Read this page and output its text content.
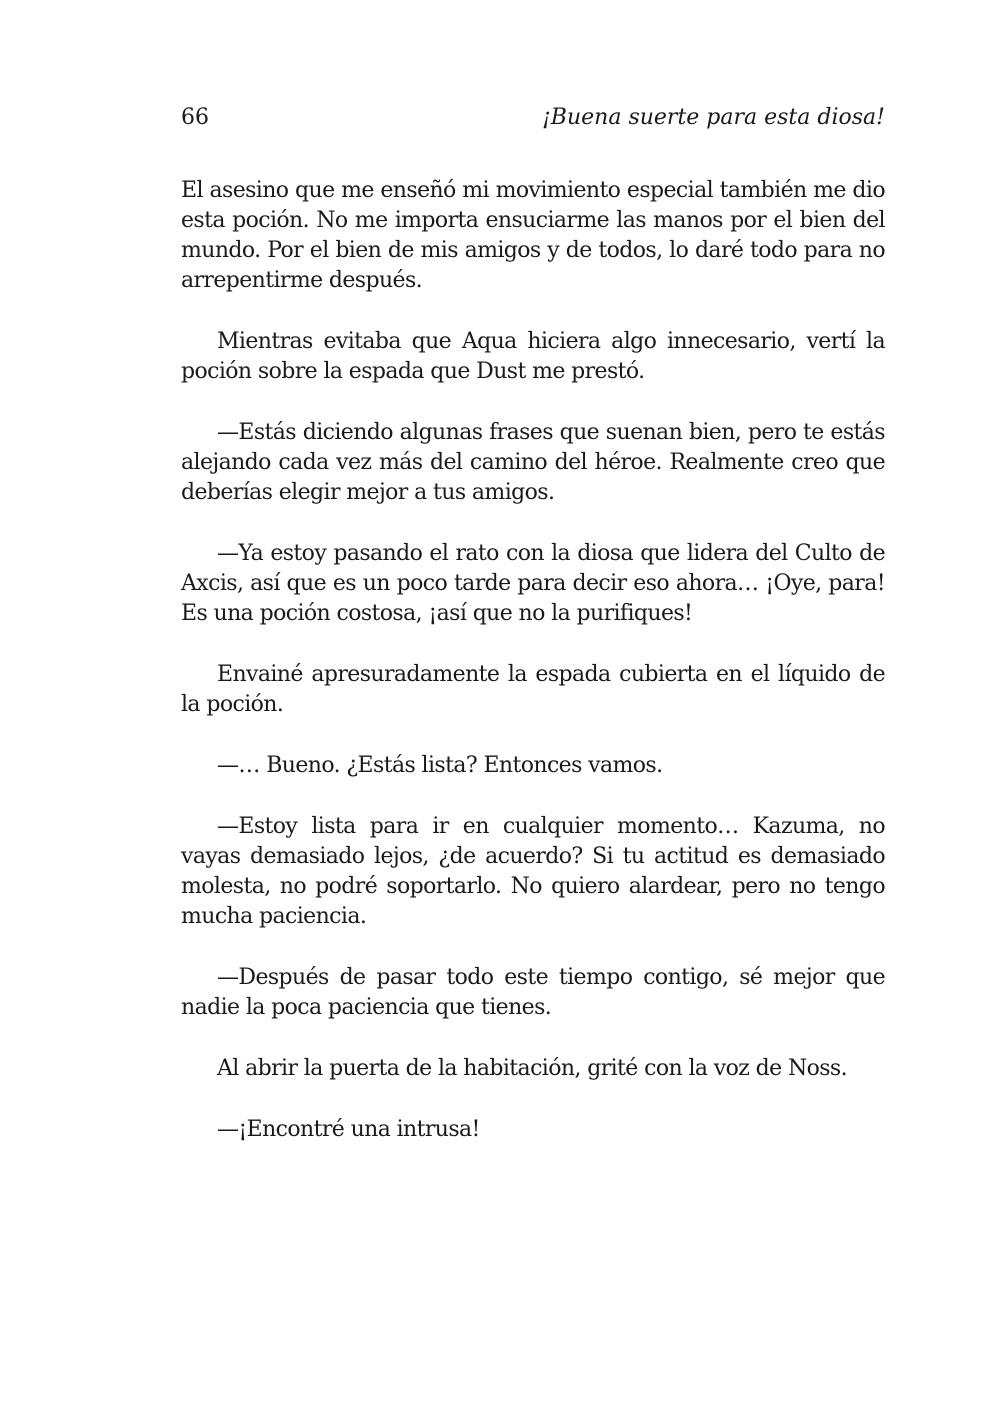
66	¡Buena suerte para esta diosa!

El asesino que me enseñó mi movimiento especial también me dio esta poción. No me importa ensuciarme las manos por el bien del mundo. Por el bien de mis amigos y de todos, lo daré todo para no arrepentirme después.

Mientras evitaba que Aqua hiciera algo innecesario, vertí la poción sobre la espada que Dust me prestó.

—Estás diciendo algunas frases que suenan bien, pero te estás alejando cada vez más del camino del héroe. Realmente creo que deberías elegir mejor a tus amigos.

—Ya estoy pasando el rato con la diosa que lidera del Culto de Axcis, así que es un poco tarde para decir eso ahora… ¡Oye, para! Es una poción costosa, ¡así que no la purifiques!

Envainé apresuradamente la espada cubierta en el líquido de la poción.

—… Bueno. ¿Estás lista? Entonces vamos.

—Estoy lista para ir en cualquier momento… Kazuma, no vayas demasiado lejos, ¿de acuerdo? Si tu actitud es demasiado molesta, no podré soportarlo. No quiero alardear, pero no tengo mucha paciencia.

—Después de pasar todo este tiempo contigo, sé mejor que nadie la poca paciencia que tienes.

Al abrir la puerta de la habitación, grité con la voz de Noss.

—¡Encontré una intrusa!
